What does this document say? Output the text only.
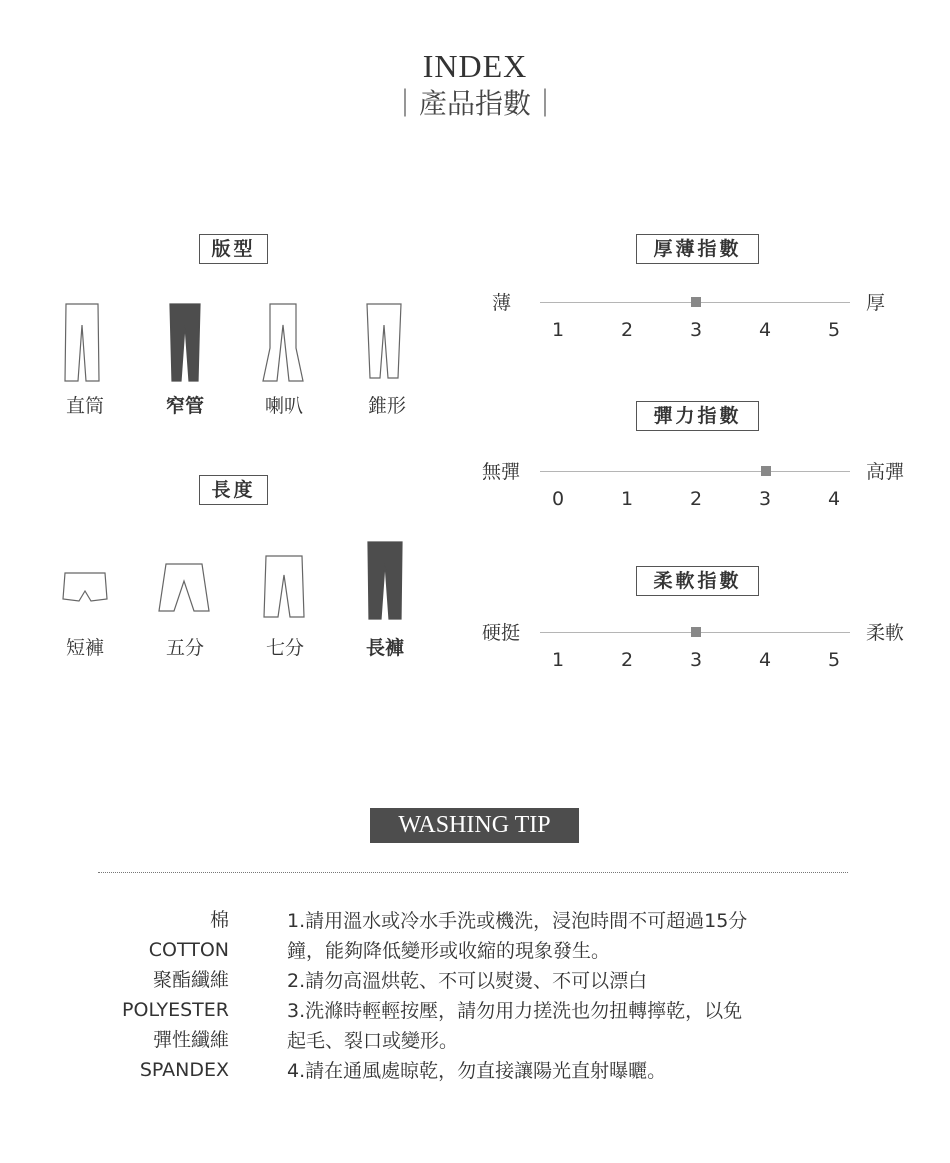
INDEX
｜產品指數｜
版型
直筒	窄管	喇叭	錐形
長度
短褲	五分	七分	長褲
厚薄指數
薄	厚
1	2	3	4	5
彈力指數
無彈	高彈
0	1	2	3	4
柔軟指數
硬挺	柔軟
1	2	3	4	5
WASHING TIP
棉
COTTON
聚酯纖維
POLYESTER
彈性纖維
SPANDEX

1.請用溫水或冷水手洗或機洗，浸泡時間不可超過15分

鐘，能夠降低變形或收縮的現象發生。

2.請勿高溫烘乾、不可以熨燙、不可以漂白

3.洗滌時輕輕按壓，請勿用力搓洗也勿扭轉擰乾，以免

起毛、裂口或變形。

4.請在通風處晾乾，勿直接讓陽光直射曝曬。
